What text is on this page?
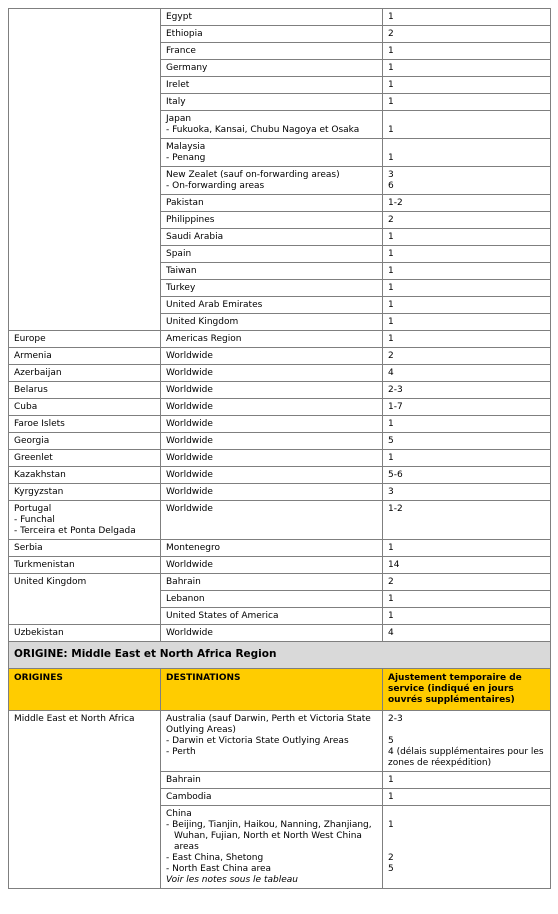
	Egypt	1

	Ethiopia	2

	France	1

	Germany	1

	Irelet	1

	Italy	1

	Japan
- Fukuoka, Kansai, Chubu Nagoya et Osaka	1

	Malaysia
- Penang	1

	New Zealet (sauf on-forwarding areas)
- On-forwarding areas	3
6

	Pakistan	1-2

	Philippines	2

	Saudi Arabia	1

	Spain	1

	Taiwan	1

	Turkey	1

	United Arab Emirates	1

	United Kingdom	1

Europe	Americas Region	1

Armenia	Worldwide	2

Azerbaijan	Worldwide	4

Belarus	Worldwide	2-3

Cuba	Worldwide	1-7

Faroe Islets	Worldwide	1

Georgia	Worldwide	5

Greenlet	Worldwide	1

Kazakhstan	Worldwide	5-6

Kyrgyzstan	Worldwide	3

Portugal
- Funchal
- Terceira et Ponta Delgada	Worldwide	1-2

Serbia	Montenegro	1

Turkmenistan	Worldwide	14

United Kingdom	Bahrain	2

	Lebanon	1

	United States of America	1

Uzbekistan	Worldwide	4

ORIGINE: Middle East et North Africa Region		
ORIGINES	DESTINATIONS	Ajustement temporaire de service (indiqué en jours ouvrés supplémentaires)

Middle East et North Africa	Australia (sauf Darwin, Perth et Victoria State Outlying Areas)
- Darwin et Victoria State Outlying Areas
- Perth	2-3
5
4 (délais supplémentaires pour les zones de réexpédition)

	Bahrain	1

	Cambodia	1

	China
- Beijing, Tianjin, Haikou, Nanning, Zhanjiang, Wuhan, Fujian, North et North West China areas
- East China, Shetong
- North East China area
Voir les notes sous le tableau	1
2
5
